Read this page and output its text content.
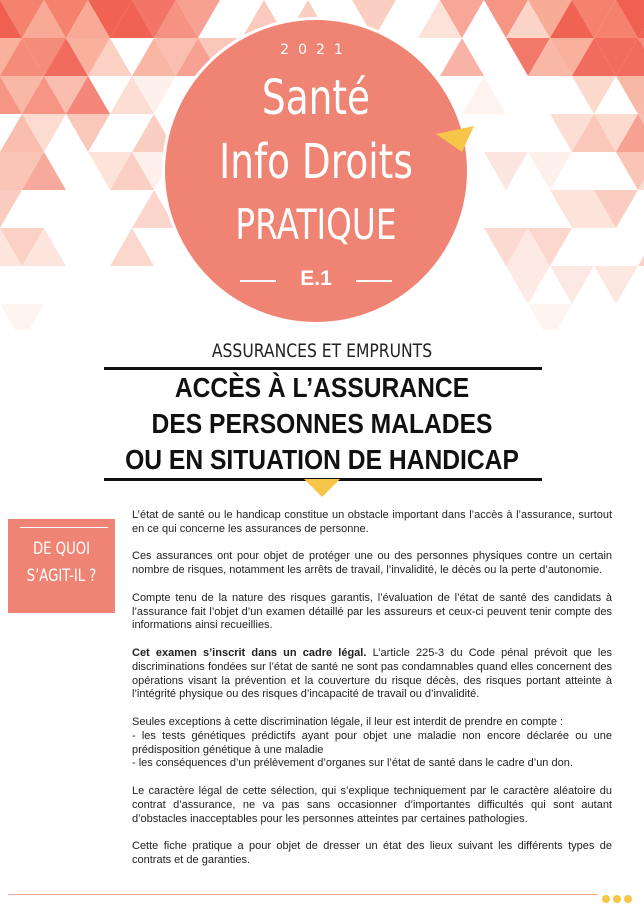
2021
Santé
Info Droits
PRATIQUE
E.1
ASSURANCES ET EMPRUNTS
ACCÈS À L’ASSURANCE
DES PERSONNES MALADES
OU EN SITUATION DE HANDICAP
DE QUOI
S’AGIT-IL ?

L’état de santé ou le handicap constitue un obstacle important dans l’accès à l’assurance, surtout en ce qui concerne les assurances de personne.

Ces assurances ont pour objet de protéger une ou des personnes physiques contre un certain nombre de risques, notamment les arrêts de travail, l’invalidité, le décès ou la perte d’autonomie.

Compte tenu de la nature des risques garantis, l’évaluation de l’état de santé des candidats à l’assurance fait l’objet d’un examen détaillé par les assureurs et ceux-ci peuvent tenir compte des informations ainsi recueillies.

Cet examen s’inscrit dans un cadre légal. L’article 225-3 du Code pénal prévoit que les discriminations fondées sur l’état de santé ne sont pas condamnables quand elles concernent des opérations visant la prévention et la couverture du risque décès, des risques portant atteinte à l’intégrité physique ou des risques d’incapacité de travail ou d’invalidité.

Seules exceptions à cette discrimination légale, il leur est interdit de prendre en compte :
- les tests génétiques prédictifs ayant pour objet une maladie non encore déclarée ou une prédisposition génétique à une maladie
- les conséquences d’un prélèvement d’organes sur l’état de santé dans le cadre d’un don.

Le caractère légal de cette sélection, qui s’explique techniquement par le caractère aléatoire du contrat d’assurance, ne va pas sans occasionner d’importantes difficultés qui sont autant d’obstacles inacceptables pour les personnes atteintes par certaines pathologies.

Cette fiche pratique a pour objet de dresser un état des lieux suivant les différents types de contrats et de garanties.
